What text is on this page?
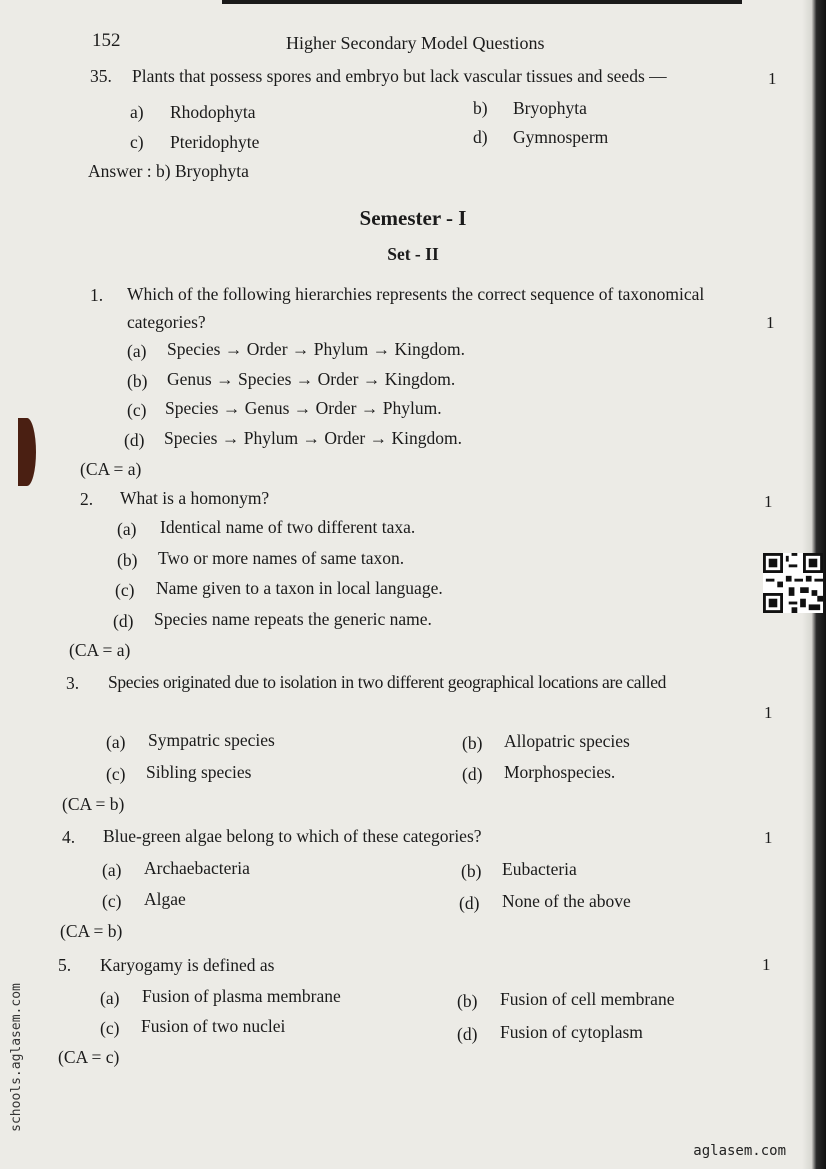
152	Higher Secondary Model Questions
35. Plants that possess spores and embryo but lack vascular tissues and seeds —	1
a) Rhodophyta	b) Bryophyta
c) Pteridophyte	d) Gymnosperm
Answer : b) Bryophyta
Semester - I
Set - II
1. Which of the following hierarchies represents the correct sequence of taxonomical
categories?	1
(a) Species → Order → Phylum → Kingdom.
(b) Genus → Species → Order → Kingdom.
(c) Species → Genus → Order → Phylum.
(d) Species → Phylum → Order → Kingdom.
(CA = a)
2. What is a homonym?	1
(a) Identical name of two different taxa.
(b) Two or more names of same taxon.
(c) Name given to a taxon in local language.
(d) Species name repeats the generic name.
(CA = a)
3. Species originated due to isolation in two different geographical locations are called
1
(a) Sympatric species	(b) Allopatric species
(c) Sibling species	(d) Morphospecies.
(CA = b)
4. Blue-green algae belong to which of these categories?	1
(a) Archaebacteria	(b) Eubacteria
(c) Algae	(d) None of the above
(CA = b)
5. Karyogamy is defined as	1
(a) Fusion of plasma membrane	(b) Fusion of cell membrane
(c) Fusion of two nuclei	(d) Fusion of cytoplasm
(CA = c)
schools.aglasem.com
aglasem.com
